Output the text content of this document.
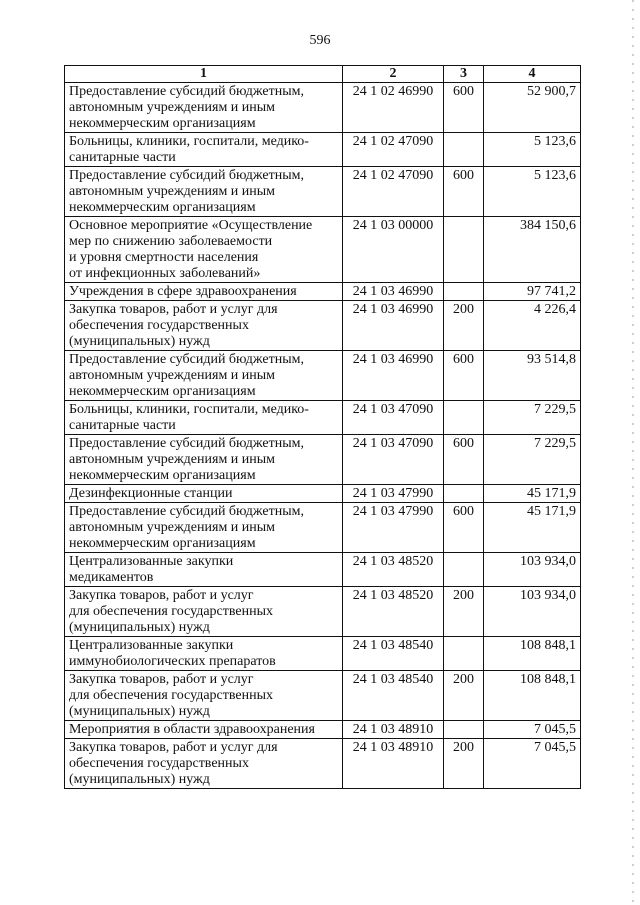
596
1	2	3	4
Предоставление субсидий бюджетным,
автономным учреждениям и иным
некоммерческим организациям	24 1 02 46990	600	52 900,7
Больницы, клиники, госпитали, медико-
санитарные части	24 1 02 47090		5 123,6
Предоставление субсидий бюджетным,
автономным учреждениям и иным
некоммерческим организациям	24 1 02 47090	600	5 123,6
Основное мероприятие «Осуществление
мер по снижению заболеваемости
и уровня смертности населения
от инфекционных заболеваний»	24 1 03 00000		384 150,6
Учреждения в сфере здравоохранения	24 1 03 46990		97 741,2
Закупка товаров, работ и услуг для
обеспечения государственных
(муниципальных) нужд	24 1 03 46990	200	4 226,4
Предоставление субсидий бюджетным,
автономным учреждениям и иным
некоммерческим организациям	24 1 03 46990	600	93 514,8
Больницы, клиники, госпитали, медико-
санитарные части	24 1 03 47090		7 229,5
Предоставление субсидий бюджетным,
автономным учреждениям и иным
некоммерческим организациям	24 1 03 47090	600	7 229,5
Дезинфекционные станции	24 1 03 47990		45 171,9
Предоставление субсидий бюджетным,
автономным учреждениям и иным
некоммерческим организациям	24 1 03 47990	600	45 171,9
Централизованные закупки
медикаментов	24 1 03 48520		103 934,0
Закупка товаров, работ и услуг
для обеспечения государственных
(муниципальных) нужд	24 1 03 48520	200	103 934,0
Централизованные закупки
иммунобиологических препаратов	24 1 03 48540		108 848,1
Закупка товаров, работ и услуг
для обеспечения государственных
(муниципальных) нужд	24 1 03 48540	200	108 848,1
Мероприятия в области здравоохранения	24 1 03 48910		7 045,5
Закупка товаров, работ и услуг для
обеспечения государственных
(муниципальных) нужд	24 1 03 48910	200	7 045,5
